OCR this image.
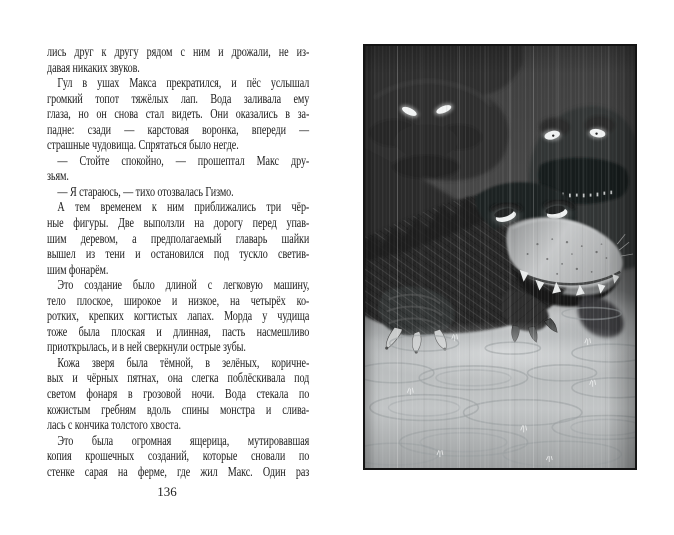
лись друг к другу рядом с ним и дрожали, не из-
давая никаких звуков.
Гул в ушах Макса прекратился, и пёс услышал
громкий топот тяжёлых лап. Вода заливала ему
глаза, но он снова стал видеть. Они оказались в за-
падне: сзади — карстовая воронка, впереди —
страшные чудовища. Спрятаться было негде.
— Стойте спокойно, — прошептал Макс дру-
зьям.
— Я стараюсь, — тихо отозвалась Гизмо.
А тем временем к ним приближались три чёр-
ные фигуры. Две выползли на дорогу перед упав-
шим деревом, а предполагаемый главарь шайки
вышел из тени и остановился под тускло светив-
шим фонарём.
Это создание было длиной с легковую машину,
тело плоское, широкое и низкое, на четырёх ко-
ротких, крепких когтистых лапах. Морда у чудища
тоже была плоская и длинная, пасть насмешливо
приоткрылась, и в ней сверкнули острые зубы.
Кожа зверя была тёмной, в зелёных, коричне-
вых и чёрных пятнах, она слегка поблёскивала под
светом фонаря в грозовой ночи. Вода стекала по
кожистым гребням вдоль спины монстра и слива-
лась с кончика толстого хвоста.
Это была огромная ящерица, мутировавшая
копия крошечных созданий, которые сновали по
стенке сарая на ферме, где жил Макс. Один раз
136
